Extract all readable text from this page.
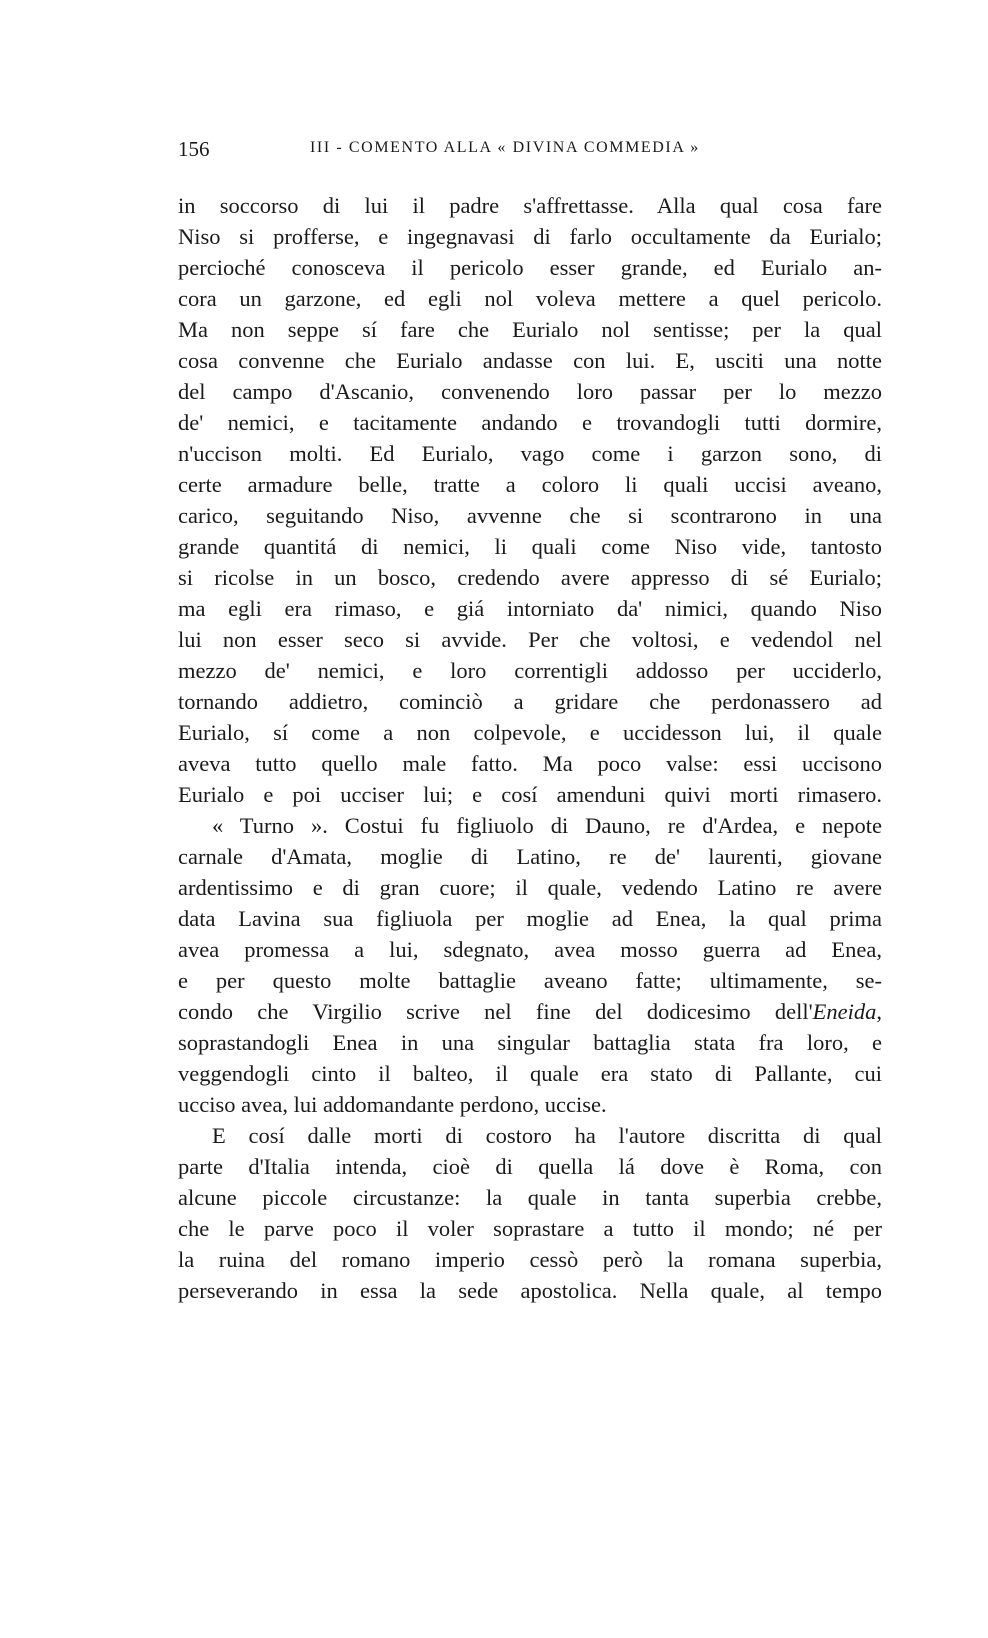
156	III - COMENTO ALLA « DIVINA COMMEDIA »
in soccorso di lui il padre s'affrettasse. Alla qual cosa fare
Niso si profferse, e ingegnavasi di farlo occultamente da Eurialo;
percioché conosceva il pericolo esser grande, ed Eurialo an-
cora un garzone, ed egli nol voleva mettere a quel pericolo.
Ma non seppe sí fare che Eurialo nol sentisse; per la qual
cosa convenne che Eurialo andasse con lui. E, usciti una notte
del campo d'Ascanio, convenendo loro passar per lo mezzo
de' nemici, e tacitamente andando e trovandogli tutti dormire,
n'uccison molti. Ed Eurialo, vago come i garzon sono, di
certe armadure belle, tratte a coloro li quali uccisi aveano,
carico, seguitando Niso, avvenne che si scontrarono in una
grande quantitá di nemici, li quali come Niso vide, tantosto
si ricolse in un bosco, credendo avere appresso di sé Eurialo;
ma egli era rimaso, e giá intorniato da' nimici, quando Niso
lui non esser seco si avvide. Per che voltosi, e vedendol nel
mezzo de' nemici, e loro correntigli addosso per ucciderlo,
tornando addietro, cominciò a gridare che perdonassero ad
Eurialo, sí come a non colpevole, e uccidesson lui, il quale
aveva tutto quello male fatto. Ma poco valse: essi uccisono
Eurialo e poi ucciser lui; e cosí amenduni quivi morti rimasero.
« Turno ». Costui fu figliuolo di Dauno, re d'Ardea, e nepote
carnale d'Amata, moglie di Latino, re de' laurenti, giovane
ardentissimo e di gran cuore; il quale, vedendo Latino re avere
data Lavina sua figliuola per moglie ad Enea, la qual prima
avea promessa a lui, sdegnato, avea mosso guerra ad Enea,
e per questo molte battaglie aveano fatte; ultimamente, se-
condo che Virgilio scrive nel fine del dodicesimo dell'Eneida,
soprastandogli Enea in una singular battaglia stata fra loro, e
veggendogli cinto il balteo, il quale era stato di Pallante, cui
ucciso avea, lui addomandante perdono, uccise.
E cosí dalle morti di costoro ha l'autore discritta di qual
parte d'Italia intenda, cioè di quella lá dove è Roma, con
alcune piccole circustanze: la quale in tanta superbia crebbe,
che le parve poco il voler soprastare a tutto il mondo; né per
la ruina del romano imperio cessò però la romana superbia,
perseverando in essa la sede apostolica. Nella quale, al tempo
